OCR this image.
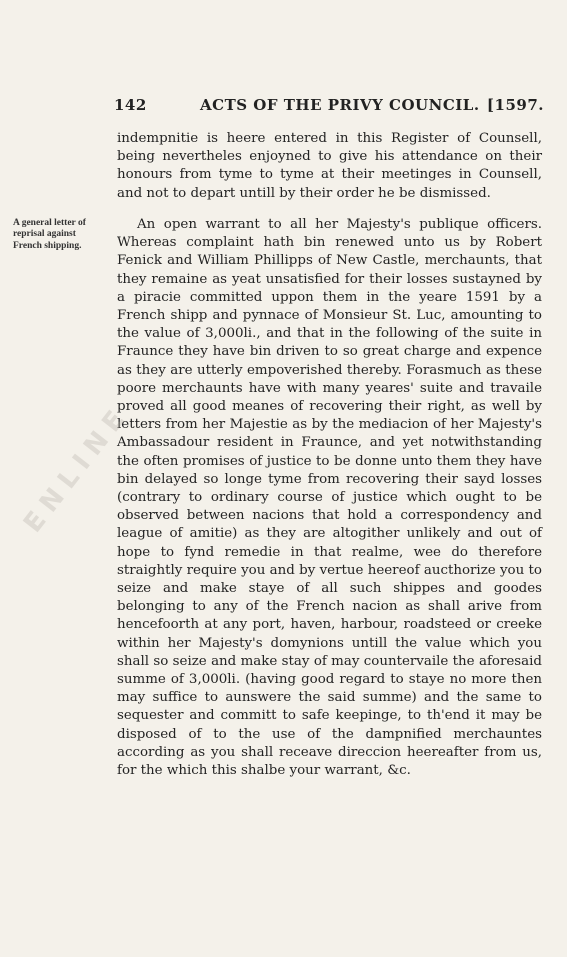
142	ACTS OF THE PRIVY COUNCIL. [1597.
indempnitie is heere entered in this Register of Counsell, being nevertheles enjoyned to give his attendance on their honours from tyme to tyme at their meetinges in Counsell, and not to depart untill by their order he be dismissed.
A general letter of reprisal against French shipping.
An open warrant to all her Majesty's publique officers. Whereas complaint hath bin renewed unto us by Robert Fenick and William Phillipps of New Castle, merchaunts, that they remaine as yeat unsatisfied for their losses sustayned by a piracie committed uppon them in the yeare 1591 by a French shipp and pynnace of Monsieur St. Luc, amounting to the value of 3,000li., and that in the following of the suite in Fraunce they have bin driven to so great charge and expence as they are utterly empoverished thereby. Forasmuch as these poore merchaunts have with many yeares' suite and travaile proved all good meanes of recovering their right, as well by letters from her Majestie as by the mediacion of her Majesty's Ambassadour resident in Fraunce, and yet notwithstanding the often promises of justice to be donne unto them they have bin delayed so longe tyme from recovering their sayd losses (contrary to ordinary course of justice which ought to be observed between nacions that hold a correspondency and league of amitie) as they are altogither unlikely and out of hope to fynd remedie in that realme, wee do therefore straightly require you and by vertue heereof aucthorize you to seize and make staye of all such shippes and goodes belonging to any of the French nacion as shall arive from hencefoorth at any port, haven, harbour, roadsteed or creeke within her Majesty's domynions untill the value which you shall so seize and make stay of may countervaile the aforesaid summe of 3,000li. (having good regard to staye no more then may suffice to aunswere the said summe) and the same to sequester and committ to safe keepinge, to th'end it may be disposed of to the use of the dampnified merchauntes according as you shall receave direccion heereafter from us, for the which this shalbe your warrant, &c.
ENLINE
